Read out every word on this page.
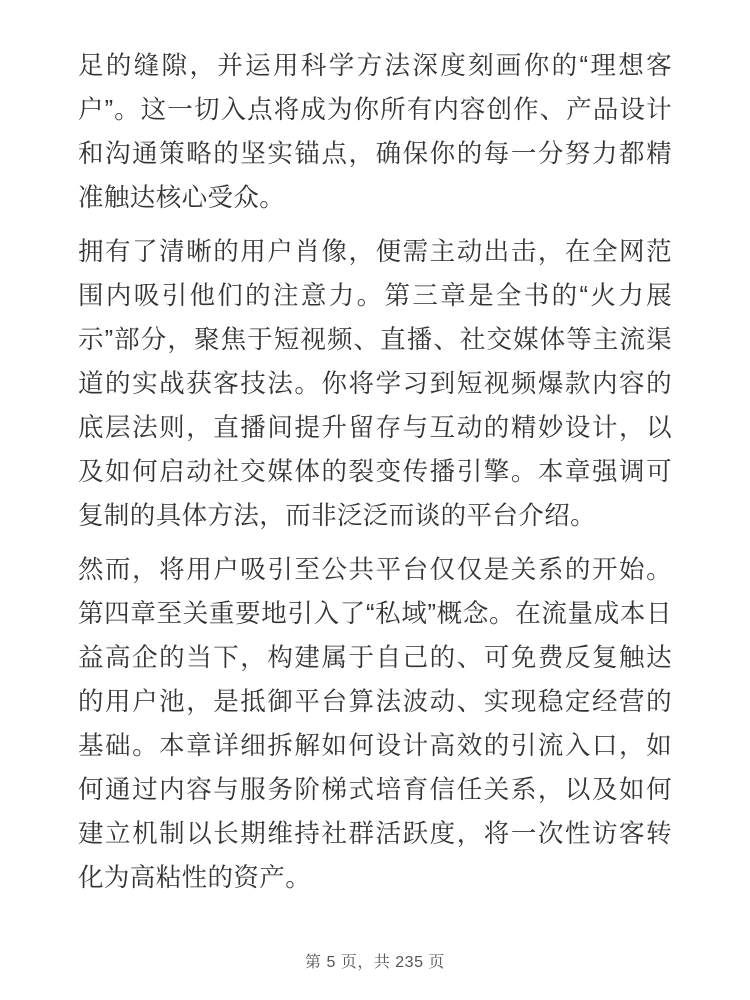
足的缝隙，并运用科学方法深度刻画你的“理想客户”。这一切入点将成为你所有内容创作、产品设计和沟通策略的坚实锚点，确保你的每一分努力都精准触达核心受众。

拥有了清晰的用户肖像，便需主动出击，在全网范围内吸引他们的注意力。第三章是全书的“火力展示”部分，聚焦于短视频、直播、社交媒体等主流渠道的实战获客技法。你将学习到短视频爆款内容的底层法则，直播间提升留存与互动的精妙设计，以及如何启动社交媒体的裂变传播引擎。本章强调可复制的具体方法，而非泛泛而谈的平台介绍。

然而，将用户吸引至公共平台仅仅是关系的开始。第四章至关重要地引入了“私域”概念。在流量成本日益高企的当下，构建属于自己的、可免费反复触达的用户池，是抵御平台算法波动、实现稳定经营的基础。本章详细拆解如何设计高效的引流入口，如何通过内容与服务阶梯式培育信任关系，以及如何建立机制以长期维持社群活跃度，将一次性访客转化为高粘性的资产。

第 5 页，共 235 页
